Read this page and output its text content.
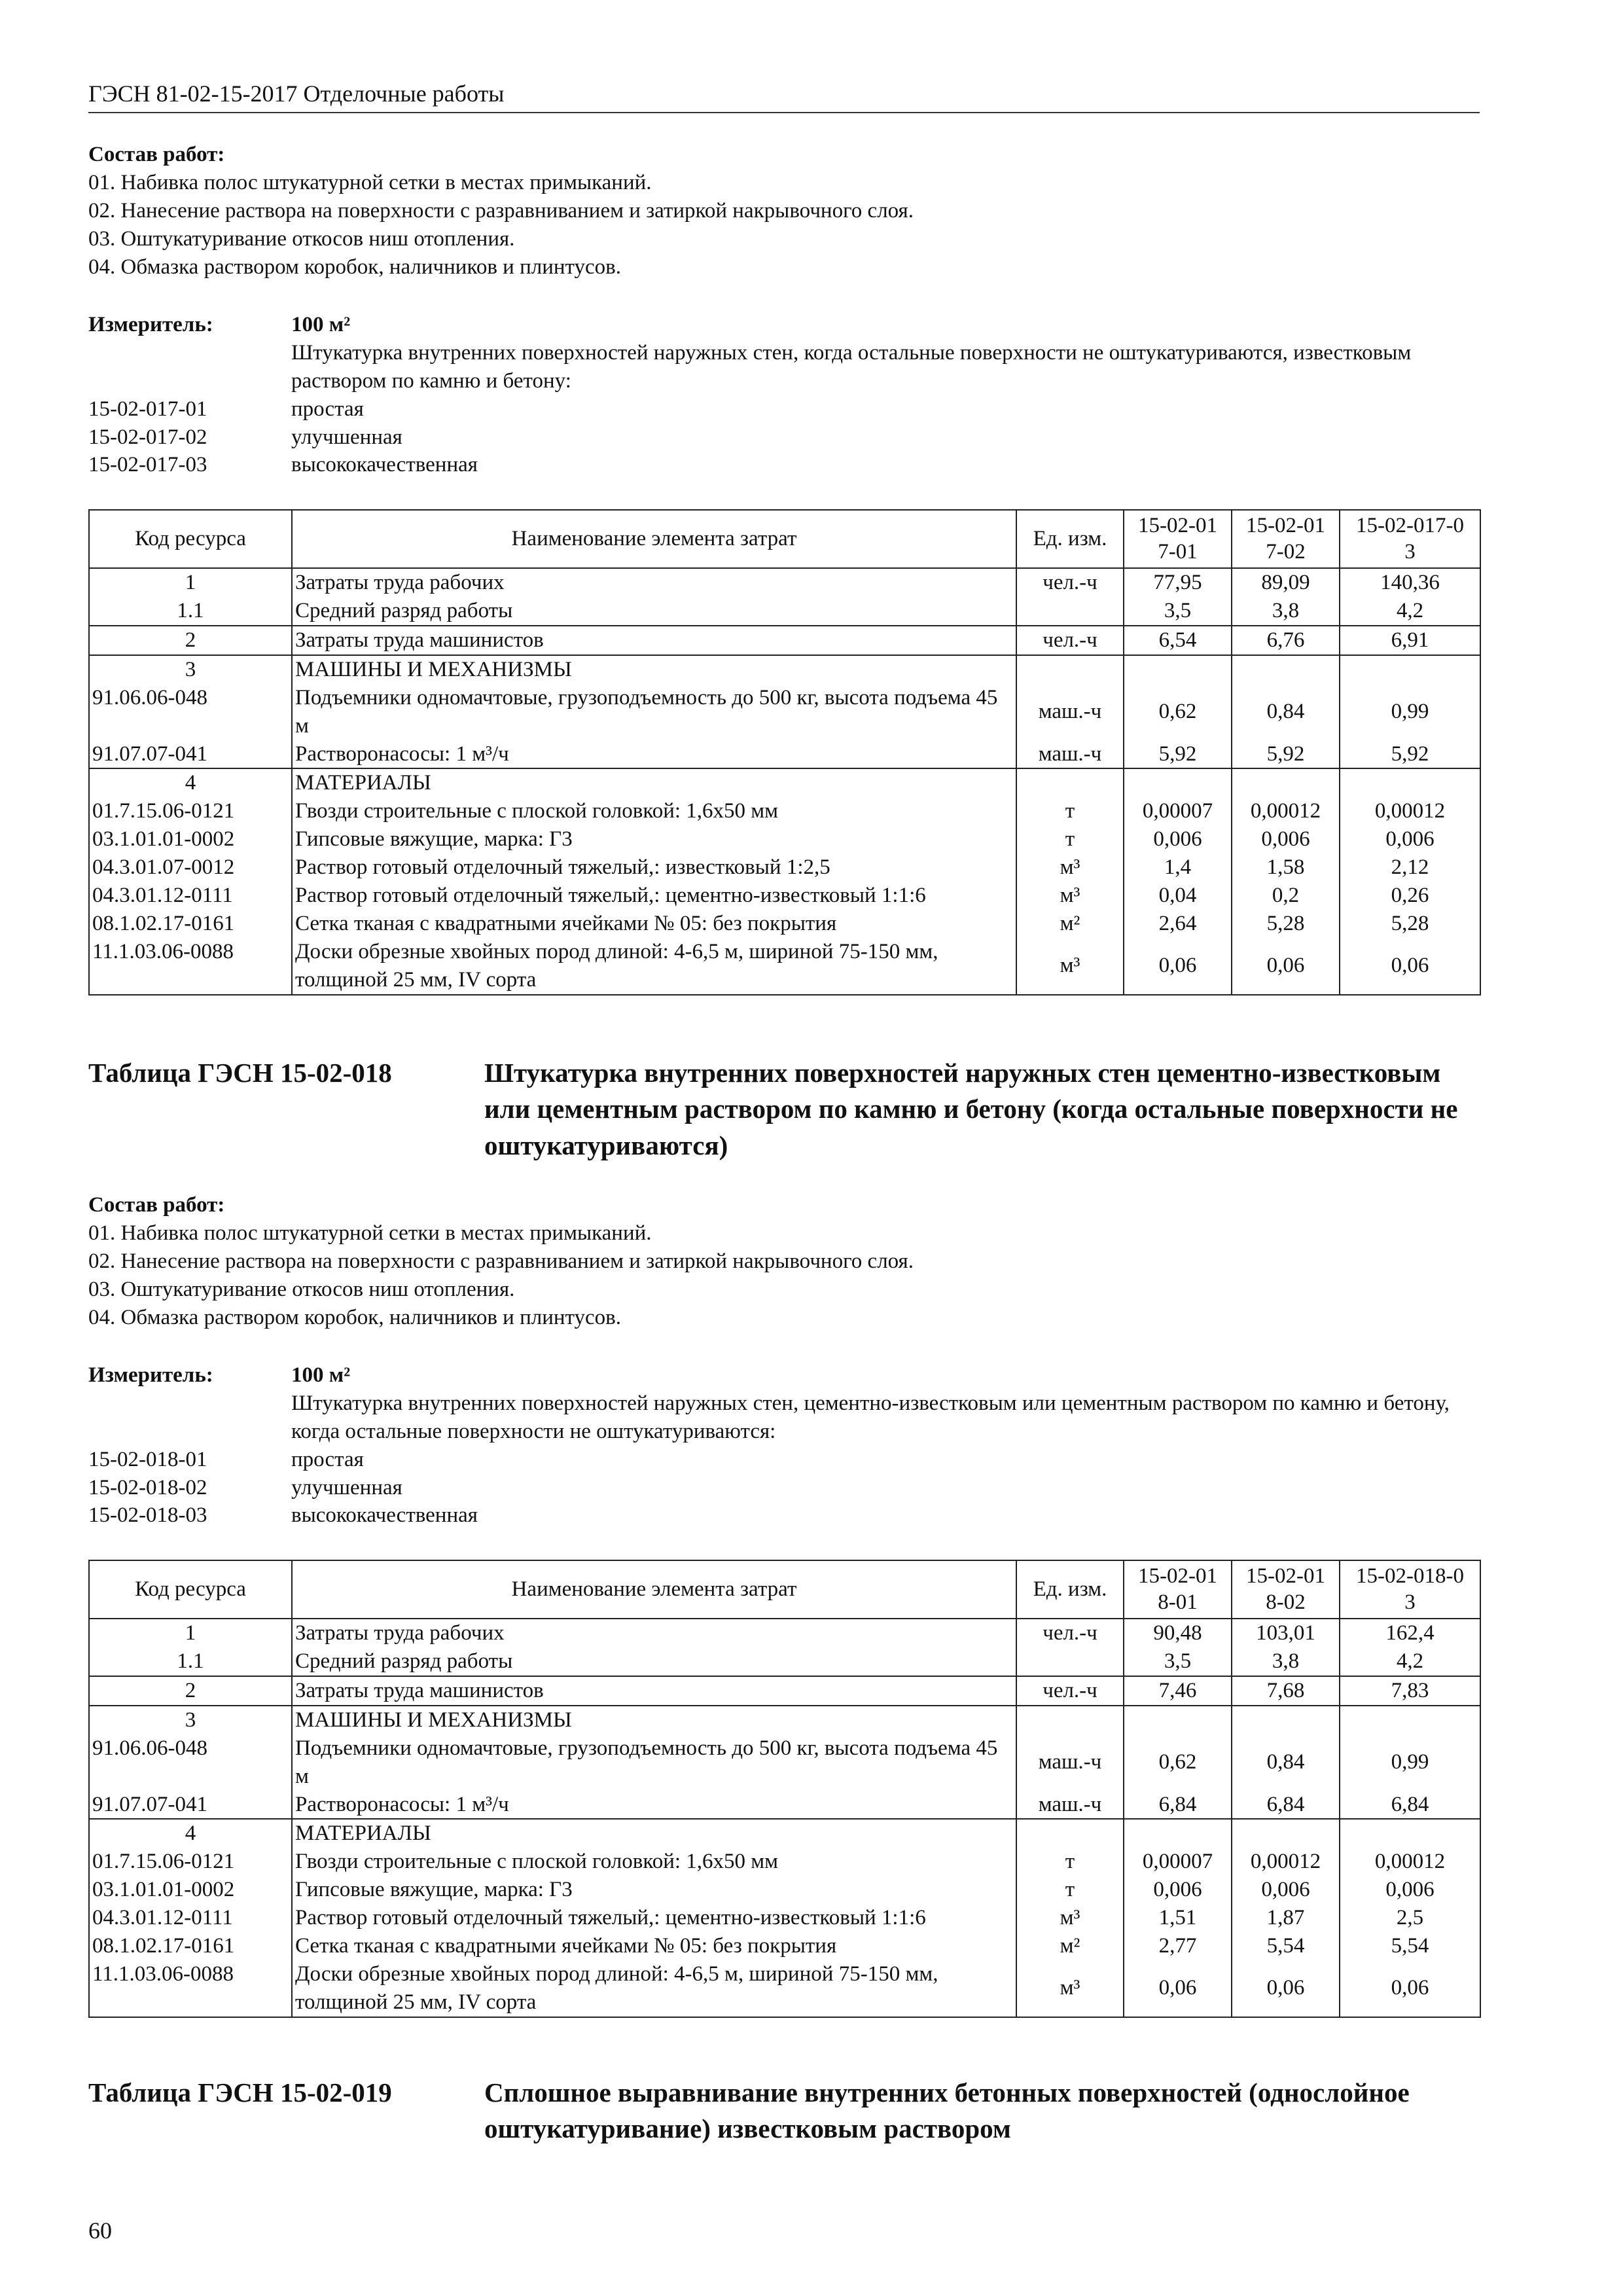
ГЭСН 81-02-15-2017 Отделочные работы
Состав работ:
01. Набивка полос штукатурной сетки в местах примыканий.
02. Нанесение раствора на поверхности с разравниванием и затиркой накрывочного слоя.
03. Оштукатуривание откосов ниш отопления.
04. Обмазка раствором коробок, наличников и плинтусов.
Измеритель:	100 м²
Штукатурка внутренних поверхностей наружных стен, когда остальные поверхности не оштукатуриваются, известковым раствором по камню и бетону:
15-02-017-01	простая
15-02-017-02	улучшенная
15-02-017-03	высококачественная
Код ресурса	Наименование элемента затрат	Ед. изм.	15-02-017-01	15-02-017-02	15-02-017-03
1	Затраты труда рабочих	чел.-ч	77,95	89,09	140,36
1.1	Средний разряд работы		3,5	3,8	4,2
2	Затраты труда машинистов	чел.-ч	6,54	6,76	6,91
3	МАШИНЫ И МЕХАНИЗМЫ				
91.06.06-048	Подъемники одномачтовые, грузоподъемность до 500 кг, высота подъема 45 м	маш.-ч	0,62	0,84	0,99
91.07.07-041	Растворонасосы: 1 м³/ч	маш.-ч	5,92	5,92	5,92
4	МАТЕРИАЛЫ				
01.7.15.06-0121	Гвозди строительные с плоской головкой: 1,6х50 мм	т	0,00007	0,00012	0,00012
03.1.01.01-0002	Гипсовые вяжущие, марка: Г3	т	0,006	0,006	0,006
04.3.01.07-0012	Раствор готовый отделочный тяжелый,: известковый 1:2,5	м³	1,4	1,58	2,12
04.3.01.12-0111	Раствор готовый отделочный тяжелый,: цементно-известковый 1:1:6	м³	0,04	0,2	0,26
08.1.02.17-0161	Сетка тканая с квадратными ячейками № 05: без покрытия	м²	2,64	5,28	5,28
11.1.03.06-0088	Доски обрезные хвойных пород длиной: 4-6,5 м, шириной 75-150 мм, толщиной 25 мм, IV сорта	м³	0,06	0,06	0,06
Таблица ГЭСН 15-02-018	Штукатурка внутренних поверхностей наружных стен цементно-известковым или цементным раствором по камню и бетону (когда остальные поверхности не оштукатуриваются)
Состав работ:
01. Набивка полос штукатурной сетки в местах примыканий.
02. Нанесение раствора на поверхности с разравниванием и затиркой накрывочного слоя.
03. Оштукатуривание откосов ниш отопления.
04. Обмазка раствором коробок, наличников и плинтусов.
Измеритель:	100 м²
Штукатурка внутренних поверхностей наружных стен, цементно-известковым или цементным раствором по камню и бетону, когда остальные поверхности не оштукатуриваются:
15-02-018-01	простая
15-02-018-02	улучшенная
15-02-018-03	высококачественная
Код ресурса	Наименование элемента затрат	Ед. изм.	15-02-018-01	15-02-018-02	15-02-018-03
1	Затраты труда рабочих	чел.-ч	90,48	103,01	162,4
1.1	Средний разряд работы		3,5	3,8	4,2
2	Затраты труда машинистов	чел.-ч	7,46	7,68	7,83
3	МАШИНЫ И МЕХАНИЗМЫ				
91.06.06-048	Подъемники одномачтовые, грузоподъемность до 500 кг, высота подъема 45 м	маш.-ч	0,62	0,84	0,99
91.07.07-041	Растворонасосы: 1 м³/ч	маш.-ч	6,84	6,84	6,84
4	МАТЕРИАЛЫ				
01.7.15.06-0121	Гвозди строительные с плоской головкой: 1,6х50 мм	т	0,00007	0,00012	0,00012
03.1.01.01-0002	Гипсовые вяжущие, марка: Г3	т	0,006	0,006	0,006
04.3.01.12-0111	Раствор готовый отделочный тяжелый,: цементно-известковый 1:1:6	м³	1,51	1,87	2,5
08.1.02.17-0161	Сетка тканая с квадратными ячейками № 05: без покрытия	м²	2,77	5,54	5,54
11.1.03.06-0088	Доски обрезные хвойных пород длиной: 4-6,5 м, шириной 75-150 мм, толщиной 25 мм, IV сорта	м³	0,06	0,06	0,06
Таблица ГЭСН 15-02-019	Сплошное выравнивание внутренних бетонных поверхностей (однослойное оштукатуривание) известковым раствором
60
